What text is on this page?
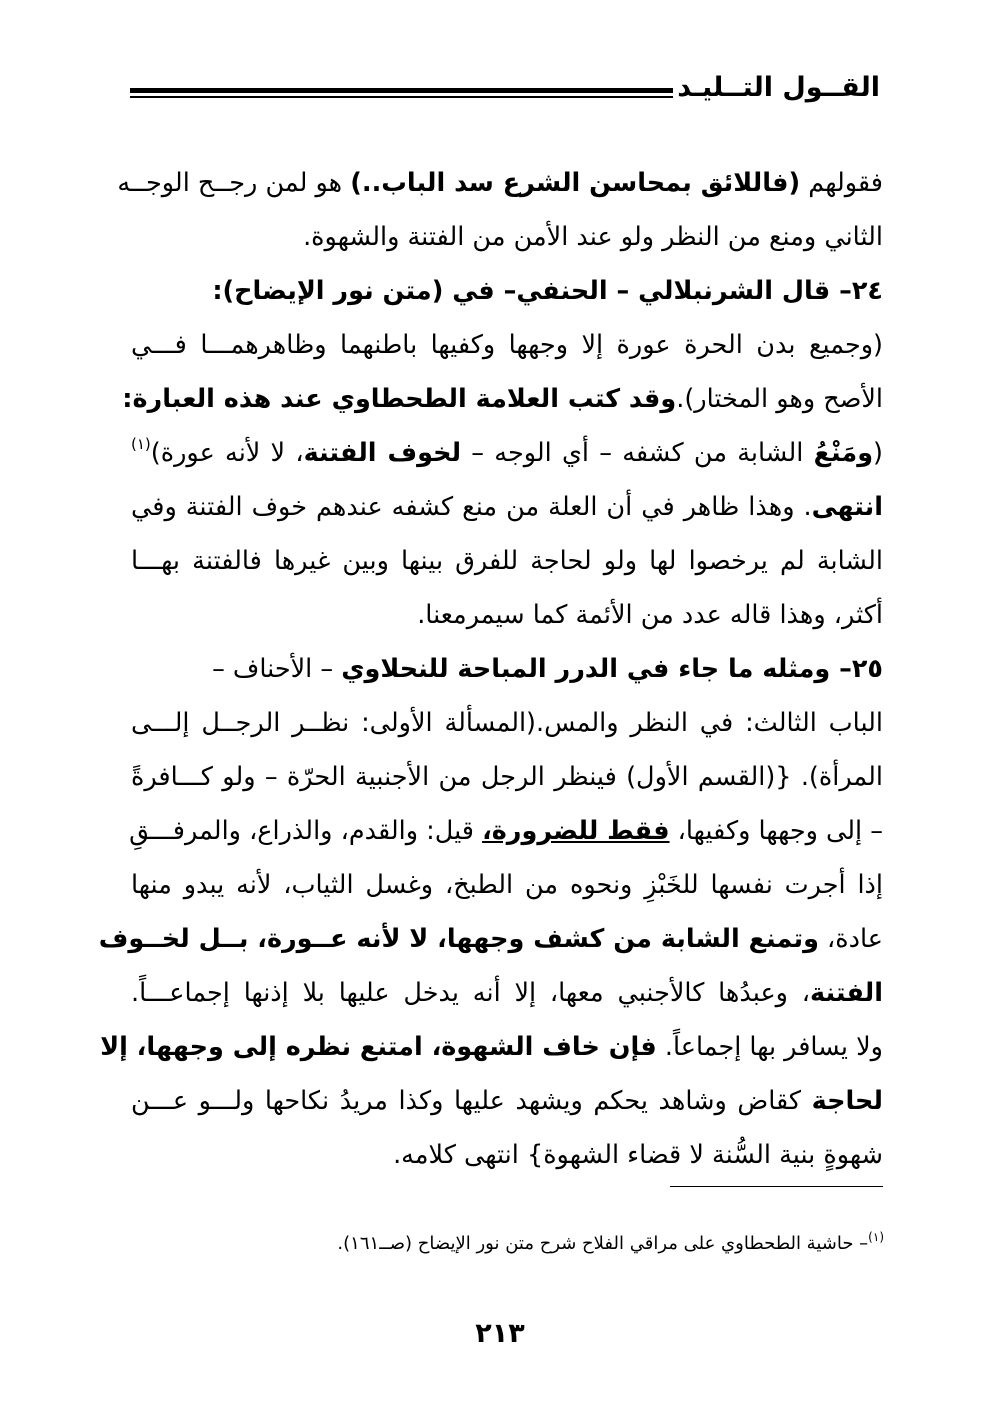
القــول التــليـد
فقولهم (فاللائق بمحاسن الشرع سد الباب..) هو لمن رجــح الوجــه
الثاني ومنع من النظر ولو عند الأمن من الفتنة والشهوة.
٢٤– قال الشرنبلالي – الحنفي– في (متن نور الإيضاح):
(وجميع بدن الحرة عورة إلا وجهها وكفيها باطنهما وظاهرهمـــا فـــي
الأصح وهو المختار).وقد كتب العلامة الطحطاوي عند هذه العبارة:
(ومَنْعُ الشابة من كشفه – أي الوجه – لخوف الفتنة، لا لأنه عورة)$^{(١)}$
انتهى. وهذا ظاهر في أن العلة من منع كشفه عندهم خوف الفتنة وفي
الشابة لم يرخصوا لها ولو لحاجة للفرق بينها وبين غيرها فالفتنة بهـــا
أكثر، وهذا قاله عدد من الأئمة كما سيمرمعنا.
٢٥– ومثله ما جاء في الدرر المباحة للنحلاوي – الأحناف –
الباب الثالث: في النظر والمس.(المسألة الأولى: نظــر الرجــل إلـــى
المرأة). {(القسم الأول) فينظر الرجل من الأجنبية الحرّة – ولو كـــافرةً
– إلى وجهها وكفيها، فقط للضرورة، قيل: والقدم، والذراع، والمرفـــقِ
إذا أجرت نفسها للخَبْزِ ونحوه من الطبخ، وغسل الثياب، لأنه يبدو منها
عادة، وتمنع الشابة من كشف وجهها، لا لأنه عــورة، بــل لخــوف
الفتنة، وعبدُها كالأجنبي معها، إلا أنه يدخل عليها بلا إذنها إجماعـــاً.
ولا يسافر بها إجماعاً. فإن خاف الشهوة، امتنع نظره إلى وجهها، إلا
لحاجة كقاض وشاهد يحكم ويشهد عليها وكذا مريدُ نكاحها ولـــو عـــن
شهوةٍ بنية السُّنة لا قضاء الشهوة} انتهى كلامه.
$^{(١)}$– حاشية الطحطاوي على مراقي الفلاح شرح متن نور الإيضاح (صــ١٦١).
٢١٣
